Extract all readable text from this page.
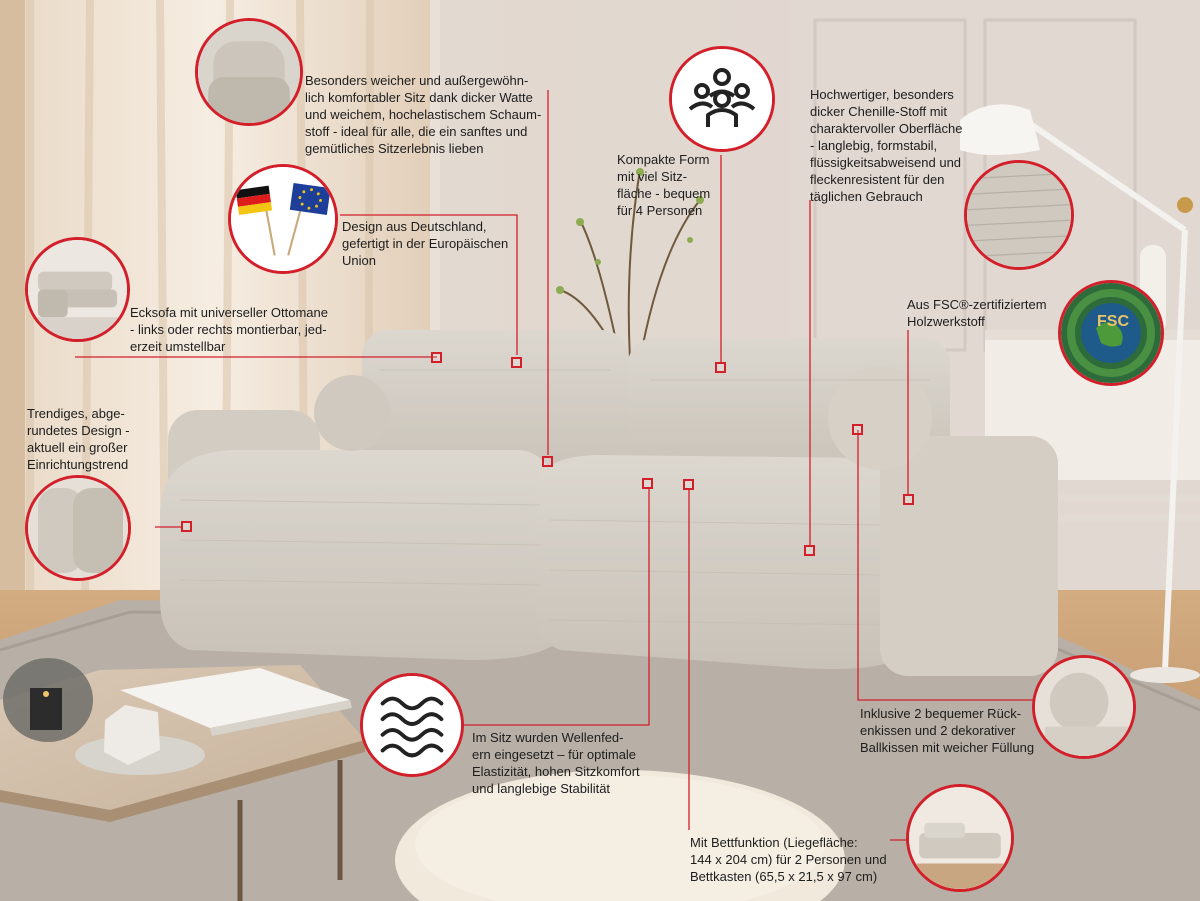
FSC
Besonders weicher und außergewöhn-
lich komfortabler Sitz dank dicker Watte
und weichem, hochelastischem Schaum-
stoff - ideal für alle, die ein sanftes und
gemütliches Sitzerlebnis lieben
Kompakte Form
mit viel Sitz-
fläche - bequem
für 4 Personen
Hochwertiger, besonders
dicker Chenille-Stoff mit
charaktervoller Oberfläche
- langlebig, formstabil,
flüssigkeitsabweisend und
fleckenresistent für den
täglichen Gebrauch
Design aus Deutschland,
gefertigt in der Europäischen
Union
Ecksofa mit universeller Ottomane
- links oder rechts montierbar, jed-
erzeit umstellbar
Aus FSC®-zertifiziertem
Holzwerkstoff
Trendiges, abge-
rundetes Design -
aktuell ein großer
Einrichtungstrend
Inklusive 2 bequemer Rück-
enkissen und 2 dekorativer
Ballkissen mit weicher Füllung
Im Sitz wurden Wellenfed-
ern eingesetzt – für optimale
Elastizität, hohen Sitzkomfort
und langlebige Stabilität
Mit Bettfunktion (Liegefläche:
144 x 204 cm) für 2 Personen und
Bettkasten (65,5 x 21,5 x 97 cm)
